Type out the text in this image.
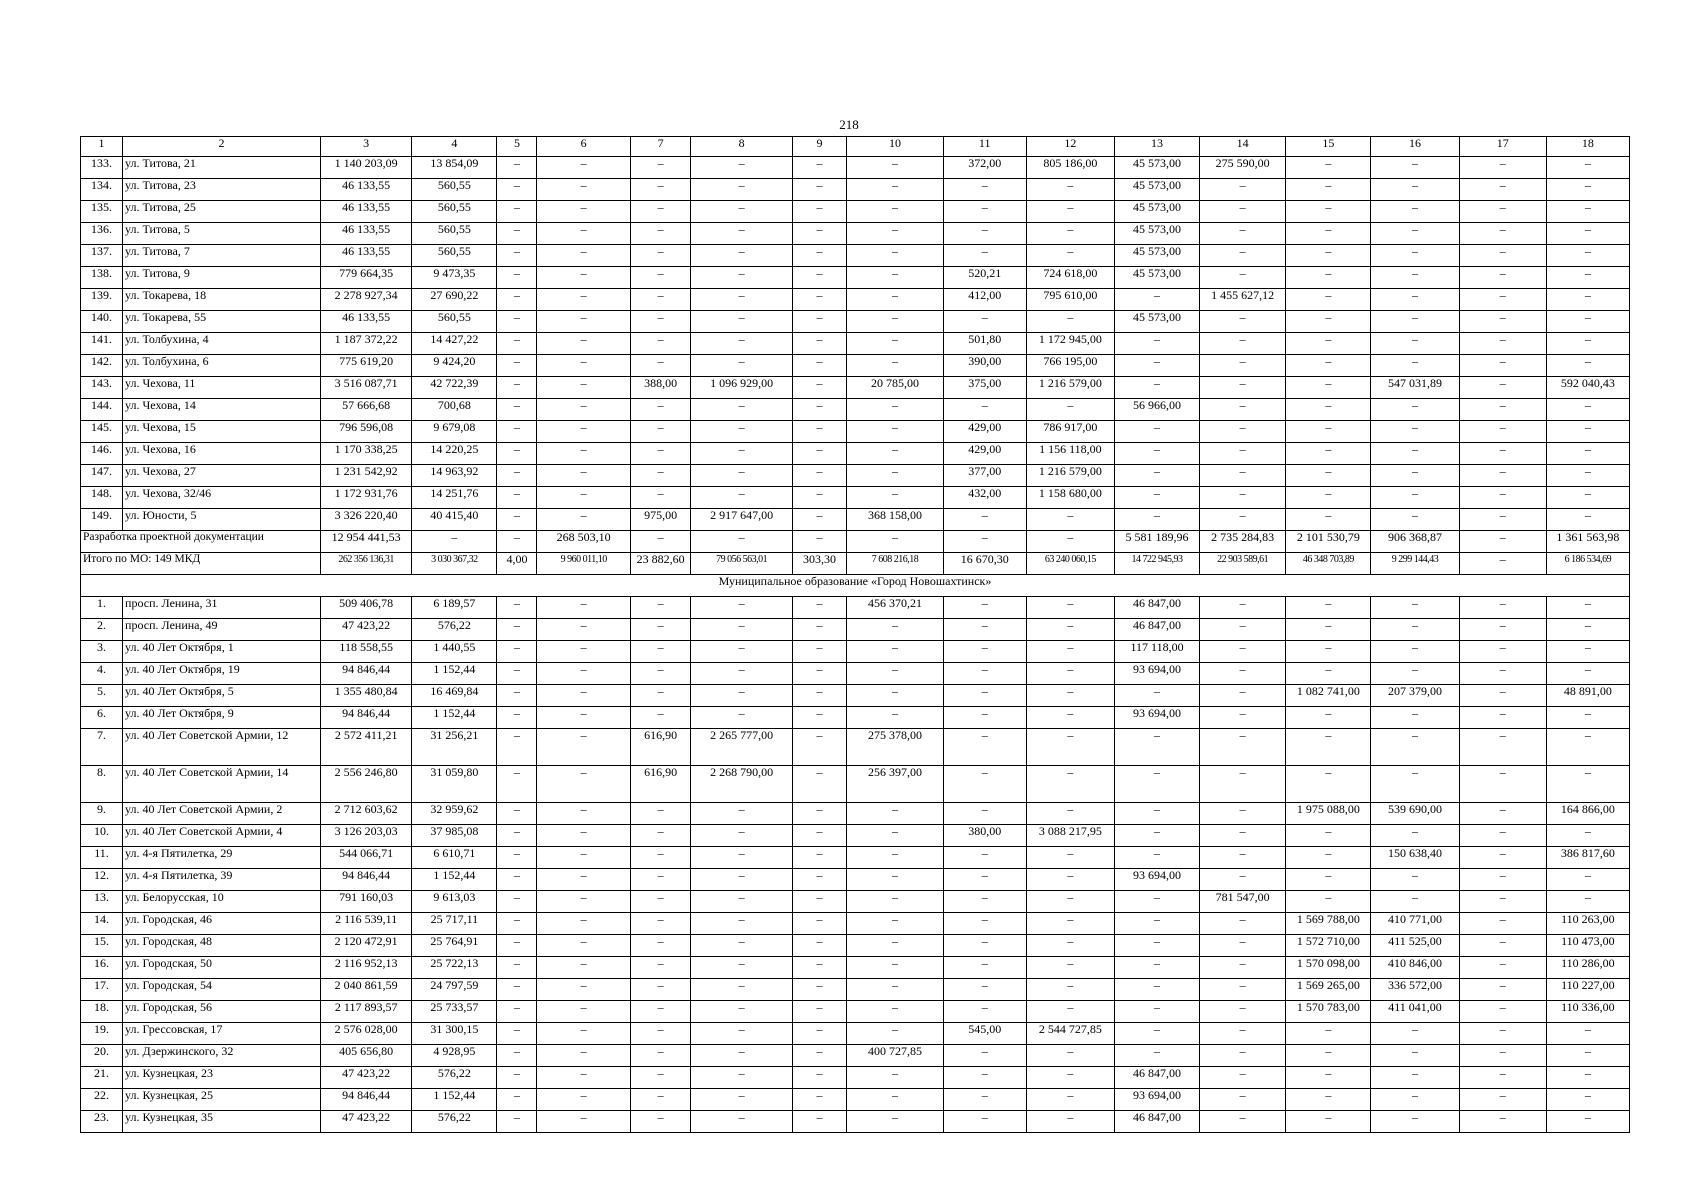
218
1	2	3	4	5	6	7	8	9	10	11	12	13	14	15	16	17	18
133.	ул. Титова, 21	1 140 203,09	13 854,09	–	–	–	–	–	–	372,00	805 186,00	45 573,00	275 590,00	–	–	–	–
134.	ул. Титова, 23	46 133,55	560,55	–	–	–	–	–	–	–	–	45 573,00	–	–	–	–	–
135.	ул. Титова, 25	46 133,55	560,55	–	–	–	–	–	–	–	–	45 573,00	–	–	–	–	–
136.	ул. Титова, 5	46 133,55	560,55	–	–	–	–	–	–	–	–	45 573,00	–	–	–	–	–
137.	ул. Титова, 7	46 133,55	560,55	–	–	–	–	–	–	–	–	45 573,00	–	–	–	–	–
138.	ул. Титова, 9	779 664,35	9 473,35	–	–	–	–	–	–	520,21	724 618,00	45 573,00	–	–	–	–	–
139.	ул. Токарева, 18	2 278 927,34	27 690,22	–	–	–	–	–	–	412,00	795 610,00	–	1 455 627,12	–	–	–	–
140.	ул. Токарева, 55	46 133,55	560,55	–	–	–	–	–	–	–	–	45 573,00	–	–	–	–	–
141.	ул. Толбухина, 4	1 187 372,22	14 427,22	–	–	–	–	–	–	501,80	1 172 945,00	–	–	–	–	–	–
142.	ул. Толбухина, 6	775 619,20	9 424,20	–	–	–	–	–	–	390,00	766 195,00	–	–	–	–	–	–
143.	ул. Чехова, 11	3 516 087,71	42 722,39	–	–	388,00	1 096 929,00	–	20 785,00	375,00	1 216 579,00	–	–	–	547 031,89	–	592 040,43
144.	ул. Чехова, 14	57 666,68	700,68	–	–	–	–	–	–	–	–	56 966,00	–	–	–	–	–
145.	ул. Чехова, 15	796 596,08	9 679,08	–	–	–	–	–	–	429,00	786 917,00	–	–	–	–	–	–
146.	ул. Чехова, 16	1 170 338,25	14 220,25	–	–	–	–	–	–	429,00	1 156 118,00	–	–	–	–	–	–
147.	ул. Чехова, 27	1 231 542,92	14 963,92	–	–	–	–	–	–	377,00	1 216 579,00	–	–	–	–	–	–
148.	ул. Чехова, 32/46	1 172 931,76	14 251,76	–	–	–	–	–	–	432,00	1 158 680,00	–	–	–	–	–	–
149.	ул. Юности, 5	3 326 220,40	40 415,40	–	–	975,00	2 917 647,00	–	368 158,00	–	–	–	–	–	–	–	–
Разработка проектной документации		12 954 441,53	–	–	268 503,10	–	–	–	–	–	–	5 581 189,96	2 735 284,83	2 101 530,79	906 368,87	–	1 361 563,98
Итого по МО: 149 МКД		262 356 136,31	3 030 367,32	4,00	9 960 011,10	23 882,60	79 056 563,01	303,30	7 608 216,18	16 670,30	63 240 060,15	14 722 945,93	22 903 589,61	46 348 703,89	9 299 144,43	–	6 186 534,69
Муниципальное образование «Город Новошахтинск»																	
1.	просп. Ленина, 31	509 406,78	6 189,57	–	–	–	–	–	456 370,21	–	–	46 847,00	–	–	–	–	–
2.	просп. Ленина, 49	47 423,22	576,22	–	–	–	–	–	–	–	–	46 847,00	–	–	–	–	–
3.	ул. 40 Лет Октября, 1	118 558,55	1 440,55	–	–	–	–	–	–	–	–	117 118,00	–	–	–	–	–
4.	ул. 40 Лет Октября, 19	94 846,44	1 152,44	–	–	–	–	–	–	–	–	93 694,00	–	–	–	–	–
5.	ул. 40 Лет Октября, 5	1 355 480,84	16 469,84	–	–	–	–	–	–	–	–	–	–	1 082 741,00	207 379,00	–	48 891,00
6.	ул. 40 Лет Октября, 9	94 846,44	1 152,44	–	–	–	–	–	–	–	–	93 694,00	–	–	–	–	–
7.	ул. 40 Лет Советской Армии, 12	2 572 411,21	31 256,21	–	–	616,90	2 265 777,00	–	275 378,00	–	–	–	–	–	–	–	–
8.	ул. 40 Лет Советской Армии, 14	2 556 246,80	31 059,80	–	–	616,90	2 268 790,00	–	256 397,00	–	–	–	–	–	–	–	–
9.	ул. 40 Лет Советской Армии, 2	2 712 603,62	32 959,62	–	–	–	–	–	–	–	–	–	–	1 975 088,00	539 690,00	–	164 866,00
10.	ул. 40 Лет Советской Армии, 4	3 126 203,03	37 985,08	–	–	–	–	–	–	380,00	3 088 217,95	–	–	–	–	–	–
11.	ул. 4-я Пятилетка, 29	544 066,71	6 610,71	–	–	–	–	–	–	–	–	–	–	–	150 638,40	–	386 817,60
12.	ул. 4-я Пятилетка, 39	94 846,44	1 152,44	–	–	–	–	–	–	–	–	93 694,00	–	–	–	–	–
13.	ул. Белорусская, 10	791 160,03	9 613,03	–	–	–	–	–	–	–	–	–	781 547,00	–	–	–	–
14.	ул. Городская, 46	2 116 539,11	25 717,11	–	–	–	–	–	–	–	–	–	–	1 569 788,00	410 771,00	–	110 263,00
15.	ул. Городская, 48	2 120 472,91	25 764,91	–	–	–	–	–	–	–	–	–	–	1 572 710,00	411 525,00	–	110 473,00
16.	ул. Городская, 50	2 116 952,13	25 722,13	–	–	–	–	–	–	–	–	–	–	1 570 098,00	410 846,00	–	110 286,00
17.	ул. Городская, 54	2 040 861,59	24 797,59	–	–	–	–	–	–	–	–	–	–	1 569 265,00	336 572,00	–	110 227,00
18.	ул. Городская, 56	2 117 893,57	25 733,57	–	–	–	–	–	–	–	–	–	–	1 570 783,00	411 041,00	–	110 336,00
19.	ул. Грессовская, 17	2 576 028,00	31 300,15	–	–	–	–	–	–	545,00	2 544 727,85	–	–	–	–	–	–
20.	ул. Дзержинского, 32	405 656,80	4 928,95	–	–	–	–	–	400 727,85	–	–	–	–	–	–	–	–
21.	ул. Кузнецкая, 23	47 423,22	576,22	–	–	–	–	–	–	–	–	46 847,00	–	–	–	–	–
22.	ул. Кузнецкая, 25	94 846,44	1 152,44	–	–	–	–	–	–	–	–	93 694,00	–	–	–	–	–
23.	ул. Кузнецкая, 35	47 423,22	576,22	–	–	–	–	–	–	–	–	46 847,00	–	–	–	–	–
